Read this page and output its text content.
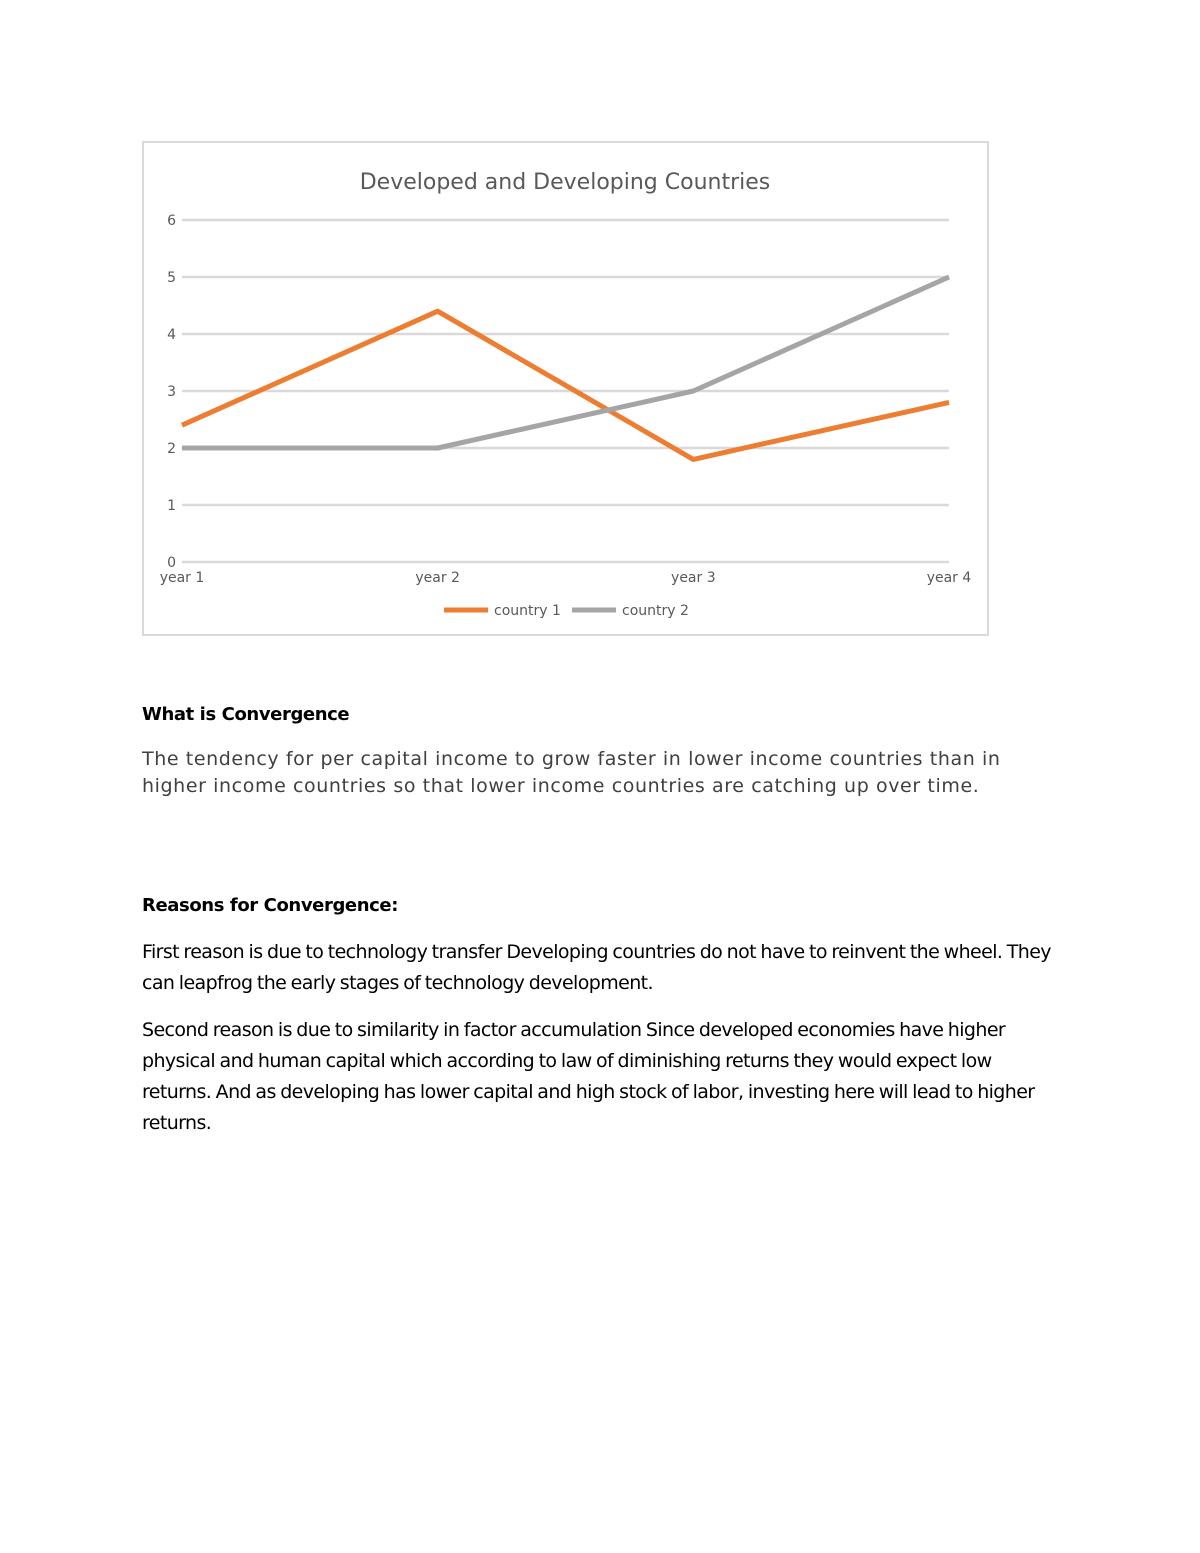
Developed and Developing Countries
0
1
2
3
4
5
6
year 1	year 2	year 3	year 4
country 1	country 2
What is Convergence

The tendency for per capital income to grow faster in lower income countries than in higher income countries so that lower income countries are catching up over time.

Reasons for Convergence:

First reason is due to technology transfer Developing countries do not have to reinvent the wheel. They can leapfrog the early stages of technology development.

Second reason is due to similarity in factor accumulation Since developed economies have higher physical and human capital which according to law of diminishing returns they would expect low returns. And as developing has lower capital and high stock of labor, investing here will lead to higher returns.
